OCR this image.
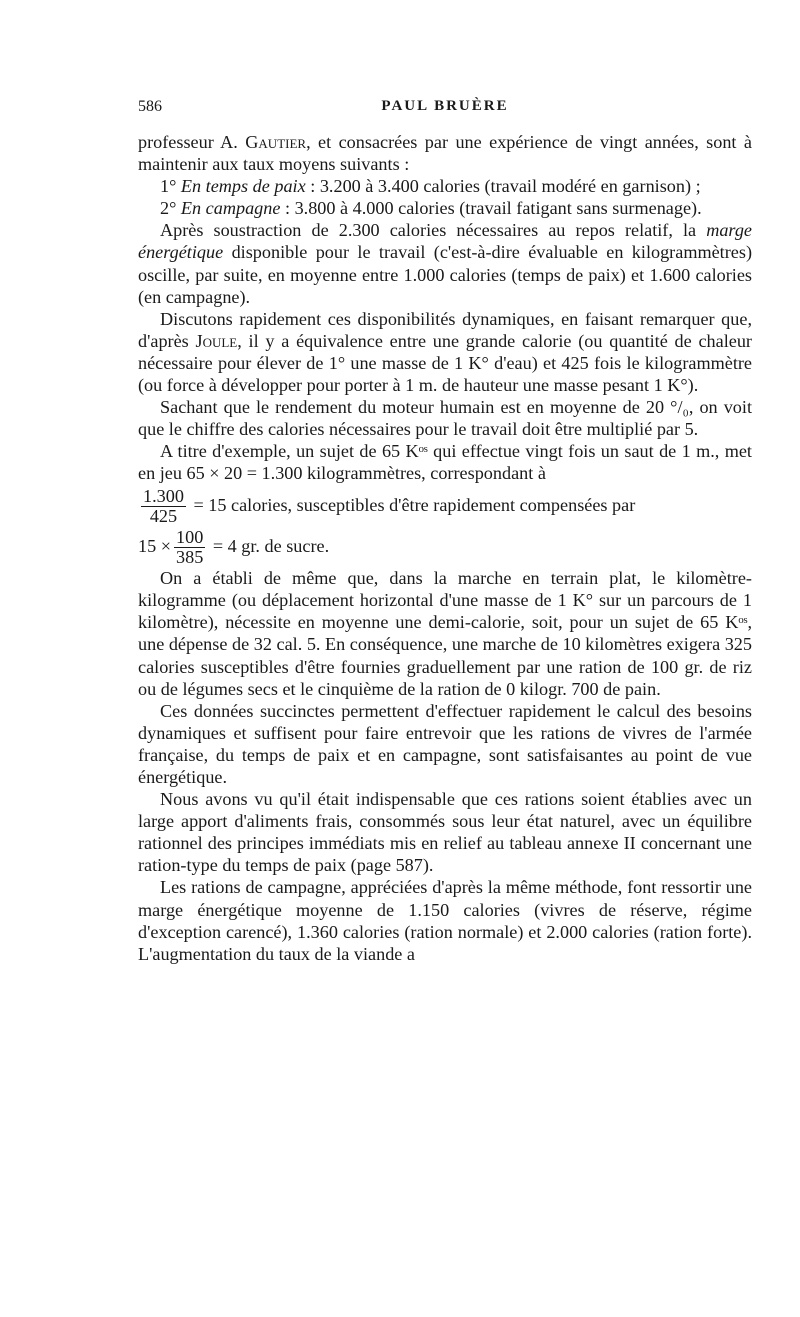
586	PAUL BRUÈRE

professeur A. Gautier, et consacrées par une expérience de vingt années, sont à maintenir aux taux moyens suivants :

1° En temps de paix : 3.200 à 3.400 calories (travail modéré en garnison) ;

2° En campagne : 3.800 à 4.000 calories (travail fatigant sans surmenage).

Après soustraction de 2.300 calories nécessaires au repos relatif, la marge énergétique disponible pour le travail (c'est-à-dire évaluable en kilogrammètres) oscille, par suite, en moyenne entre 1.000 calories (temps de paix) et 1.600 calories (en campagne).

Discutons rapidement ces disponibilités dynamiques, en faisant remarquer que, d'après Joule, il y a équivalence entre une grande calorie (ou quantité de chaleur nécessaire pour élever de 1° une masse de 1 K° d'eau) et 425 fois le kilogrammètre (ou force à développer pour porter à 1 m. de hauteur une masse pesant 1 K°).

Sachant que le rendement du moteur humain est en moyenne de 20 °/₀, on voit que le chiffre des calories nécessaires pour le travail doit être multiplié par 5.

A titre d'exemple, un sujet de 65 Kᵒˢ qui effectue vingt fois un saut de 1 m., met en jeu 65 × 20 = 1.300 kilogrammètres, correspondant à

$\frac{1.300}{425} = 15$ calories, susceptibles d'être rapidement compensées par

$15 \times \frac{100}{385} = 4$ gr. de sucre.

On a établi de même que, dans la marche en terrain plat, le kilomètre-kilogramme (ou déplacement horizontal d'une masse de 1 K° sur un parcours de 1 kilomètre), nécessite en moyenne une demi-calorie, soit, pour un sujet de 65 Kᵒˢ, une dépense de 32 cal. 5. En conséquence, une marche de 10 kilomètres exigera 325 calories susceptibles d'être fournies graduellement par une ration de 100 gr. de riz ou de légumes secs et le cinquième de la ration de 0 kilogr. 700 de pain.

Ces données succinctes permettent d'effectuer rapidement le calcul des besoins dynamiques et suffisent pour faire entrevoir que les rations de vivres de l'armée française, du temps de paix et en campagne, sont satisfaisantes au point de vue énergétique.

Nous avons vu qu'il était indispensable que ces rations soient établies avec un large apport d'aliments frais, consommés sous leur état naturel, avec un équilibre rationnel des principes immédiats mis en relief au tableau annexe II concernant une ration-type du temps de paix (page 587).

Les rations de campagne, appréciées d'après la même méthode, font ressortir une marge énergétique moyenne de 1.150 calories (vivres de réserve, régime d'exception carencé), 1.360 calories (ration normale) et 2.000 calories (ration forte). L'augmentation du taux de la viande a
